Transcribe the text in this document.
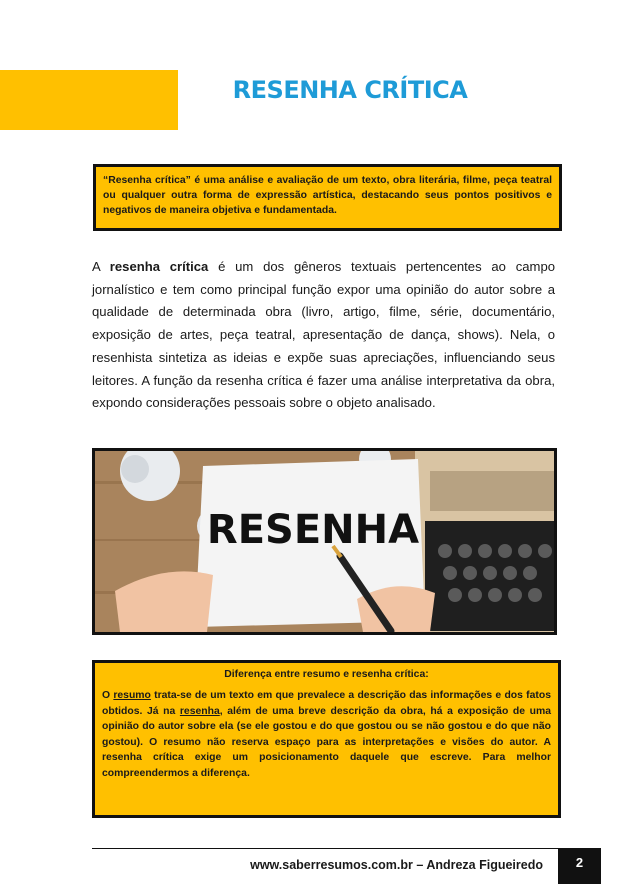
RESENHA CRÍTICA

“Resenha crítica” é uma análise e avaliação de um texto, obra literária, filme, peça teatral ou qualquer outra forma de expressão artística, destacando seus pontos positivos e negativos de maneira objetiva e fundamentada.

A resenha crítica é um dos gêneros textuais pertencentes ao campo jornalístico e tem como principal função expor uma opinião do autor sobre a qualidade de determinada obra (livro, artigo, filme, série, documentário, exposição de artes, peça teatral, apresentação de dança, shows). Nela, o resenhista sintetiza as ideias e expõe suas apreciações, influenciando seus leitores. A função da resenha crítica é fazer uma análise interpretativa da obra, expondo considerações pessoais sobre o objeto analisado.

RESENHA
Diferença entre resumo e resenha crítica:

O resumo trata-se de um texto em que prevalece a descrição das informações e dos fatos obtidos. Já na resenha, além de uma breve descrição da obra, há a exposição de uma opinião do autor sobre ela (se ele gostou e do que gostou ou se não gostou e do que não gostou). O resumo não reserva espaço para as interpretações e visões do autor. A resenha crítica exige um posicionamento daquele que escreve. Para melhor compreendermos a diferença.

www.saberresumos.com.br – Andreza Figueiredo	2
